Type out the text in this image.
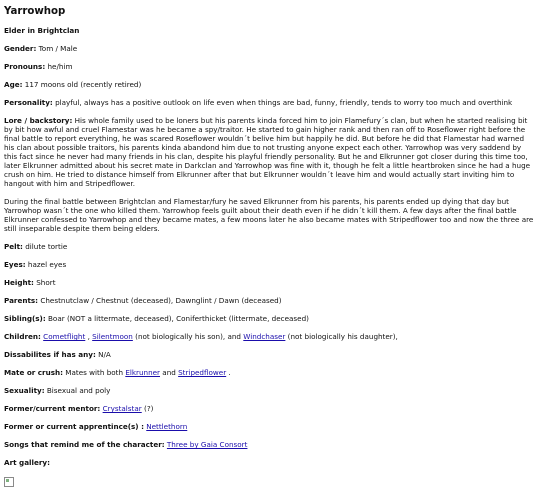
Yarrowhop
Elder in Brightclan
Gender: Tom / Male
Pronouns: he/him
Age: 117 moons old (recently retired)
Personality: playful, always has a positive outlook on life even when things are bad, funny, friendly, tends to worry too much and overthink
Lore / backstory: His whole family used to be loners but his parents kinda forced him to join Flamefury´s clan, but when he started realising bit by bit how awful and cruel Flamestar was he became a spy/traitor. He started to gain higher rank and then ran off to Roseflower right before the final battle to report everything, he was scared Roseflower wouldn´t belive him but happily he did. But before he did that Flamestar had warned his clan about possible traitors, his parents kinda abandond him due to not trusting anyone expect each other. Yarrowhop was very saddend by this fact since he never had many friends in his clan, despite his playful friendly personality. But he and Elkrunner got closer during this time too, later Elkrunner admitted about his secret mate in Darkclan and Yarrowhop was fine with it, though he felt a little heartbroken since he had a huge crush on him. He tried to distance himself from Elkrunner after that but Elkrunner wouldn´t leave him and would actually start inviting him to hangout with him and Stripedflower.
During the final battle between Brightclan and Flamestar/fury he saved Elkrunner from his parents, his parents ended up dying that day but Yarrowhop wasn´t the one who killed them. Yarrowhop feels guilt about their death even if he didn´t kill them. A few days after the final battle Elkrunner confessed to Yarrowhop and they became mates, a few moons later he also became mates with Stripedflower too and now the three are still inseparable despite them being elders.
Pelt: dilute tortie
Eyes: hazel eyes
Height: Short
Parents: Chestnutclaw / Chestnut (deceased), Dawnglint / Dawn (deceased)
Sibling(s): Boar (NOT a littermate, deceased), Coniferthicket (littermate, deceased)
Children: Cometflight , Silentmoon (not biologically his son), and Windchaser (not biologically his daughter),
Dissabilites if has any: N/A
Mate or crush: Mates with both Elkrunner and Stripedflower .
Sexuality: Bisexual and poly
Former/current mentor: Crystalstar (?)
Former or current apprentince(s) : Nettlethorn
Songs that remind me of the character: Three by Gaia Consort
Art gallery:
